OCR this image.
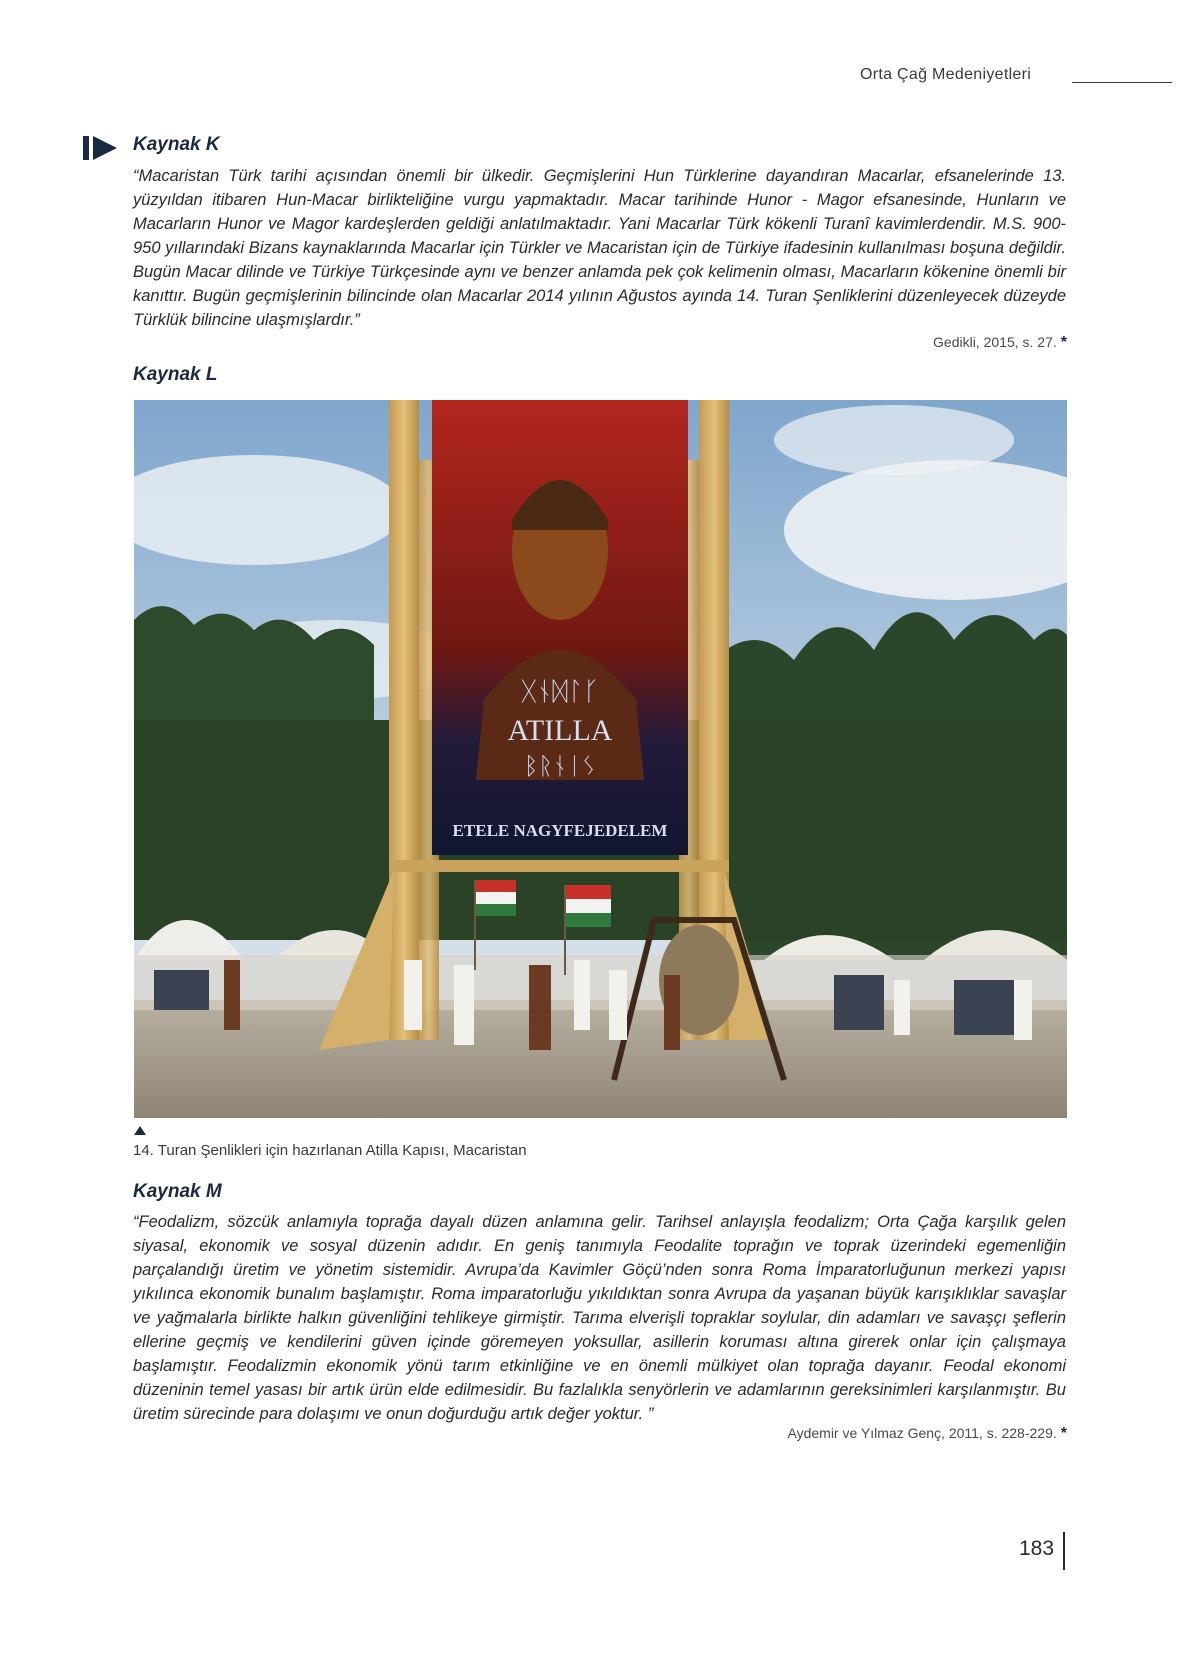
Orta Çağ Medeniyetleri
Kaynak K

“Macaristan Türk tarihi açısından önemli bir ülkedir. Geçmişlerini Hun Türklerine dayandıran Macarlar, efsanelerinde 13. yüzyıldan itibaren Hun-Macar birlikteliğine vurgu yapmaktadır. Macar tarihinde Hunor - Magor efsanesinde, Hunların ve Macarların Hunor ve Magor kardeşlerden geldiği anlatılmaktadır. Yani Macarlar Türk kökenli Turanî kavimlerdendir. M.S. 900-950 yıllarındaki Bizans kaynaklarında Macarlar için Türkler ve Macaristan için de Türkiye ifadesinin kullanılması boşuna değildir. Bugün Macar dilinde ve Türkiye Türkçesinde aynı ve benzer anlamda pek çok kelimenin olması, Macarların kökenine önemli bir kanıttır. Bugün geçmişlerinin bilincinde olan Macarlar 2014 yılının Ağustos ayında 14. Turan Şenliklerini düzenleyecek düzeyde Türklük bilincine ulaşmışlardır.”

Gedikli, 2015, s. 27. *
Kaynak L
ᚷᚾᛞᛚᚴ
ATILLA
ᛒᚱᚾᛁᛊ
ETELE NAGYFEJEDELEM
14. Turan Şenlikleri için hazırlanan Atilla Kapısı, Macaristan
Kaynak M

“Feodalizm, sözcük anlamıyla toprağa dayalı düzen anlamına gelir. Tarihsel anlayışla feodalizm; Orta Çağa karşılık gelen siyasal, ekonomik ve sosyal düzenin adıdır. En geniş tanımıyla Feodalite toprağın ve toprak üzerindeki egemenliğin parçalandığı üretim ve yönetim sistemidir. Avrupa’da Kavimler Göçü’nden sonra Roma İmparatorluğunun merkezi yapısı yıkılınca ekonomik bunalım başlamıştır. Roma imparatorluğu yıkıldıktan sonra Avrupa da yaşanan büyük karışıklıklar savaşlar ve yağmalarla birlikte halkın güvenliğini tehlikeye girmiştir. Tarıma elverişli topraklar soylular, din adamları ve savaşçı şeflerin ellerine geçmiş ve kendilerini güven içinde göremeyen yoksullar, asillerin koruması altına girerek onlar için çalışmaya başlamıştır. Feodalizmin ekonomik yönü tarım etkinliğine ve en önemli mülkiyet olan toprağa dayanır. Feodal ekonomi düzeninin temel yasası bir artık ürün elde edilmesidir. Bu fazlalıkla senyörlerin ve adamlarının gereksinimleri karşılanmıştır. Bu üretim sürecinde para dolaşımı ve onun doğurduğu artık değer yoktur. ”

Aydemir ve Yılmaz Genç, 2011, s. 228-229. *
183
